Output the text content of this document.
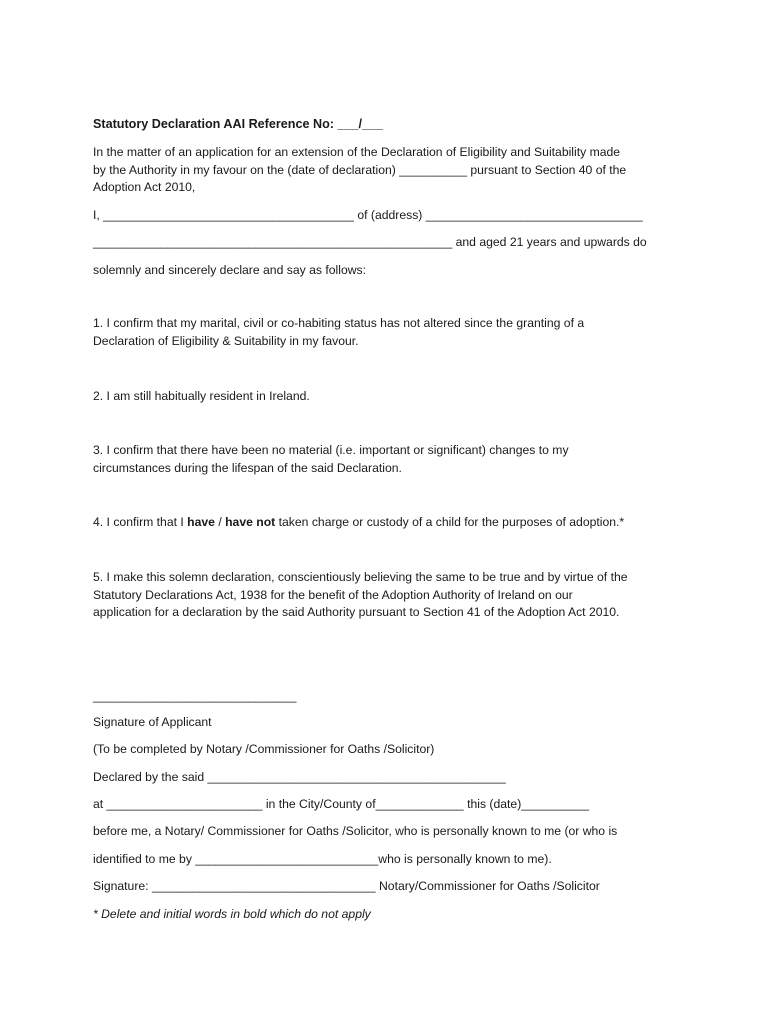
Statutory Declaration AAI Reference No: ___/___
In the matter of an application for an extension of the Declaration of Eligibility and Suitability made
by the Authority in my favour on the (date of declaration) __________ pursuant to Section 40 of the
Adoption Act 2010,
I, _____________________________________ of (address) ________________________________
_____________________________________________________ and aged 21 years and upwards do
solemnly and sincerely declare and say as follows:
1. I confirm that my marital, civil or co-habiting status has not altered since the granting of a
Declaration of Eligibility & Suitability in my favour.
2. I am still habitually resident in Ireland.
3. I confirm that there have been no material (i.e. important or significant) changes to my
circumstances during the lifespan of the said Declaration.
4. I confirm that I have / have not taken charge or custody of a child for the purposes of adoption.*
5. I make this solemn declaration, conscientiously believing the same to be true and by virtue of the
Statutory Declarations Act, 1938 for the benefit of the Adoption Authority of Ireland on our
application for a declaration by the said Authority pursuant to Section 41 of the Adoption Act 2010.
______________________________
Signature of Applicant
(To be completed by Notary /Commissioner for Oaths /Solicitor)
Declared by the said ____________________________________________
at _______________________ in the City/County of_____________ this (date)__________
before me, a Notary/ Commissioner for Oaths /Solicitor, who is personally known to me (or who is
identified to me by ___________________________who is personally known to me).
Signature: _________________________________ Notary/Commissioner for Oaths /Solicitor
* Delete and initial words in bold which do not apply
